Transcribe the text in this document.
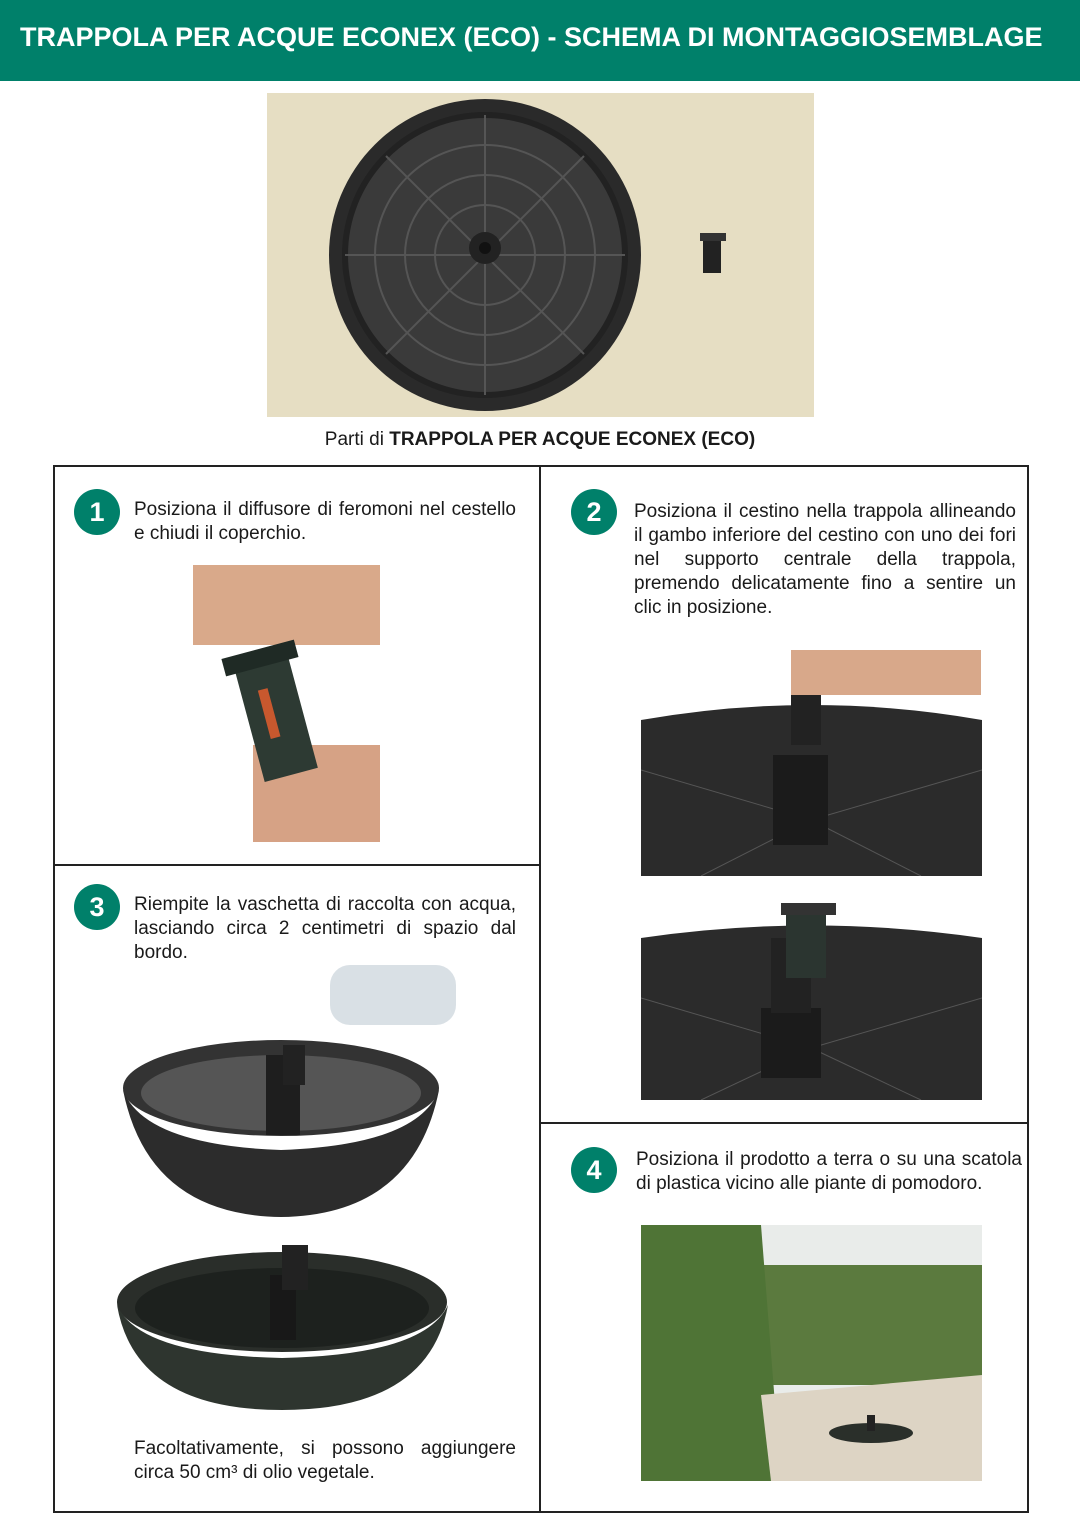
TRAPPOLA PER ACQUE ECONEX (ECO) - SCHEMA DI MONTAGGIOSEMBLAGE
Parti di TRAPPOLA PER ACQUE ECONEX (ECO)
1	Posiziona il diffusore di feromoni nel cestello e chiudi il coperchio.
2	Posiziona il cestino nella trappola allineando il gambo inferiore del cestino con uno dei fori nel supporto centrale della trappola, premendo delicatamente fino a sentire un clic in posizione.
3	Riempite la vaschetta di raccolta con acqua, lasciando circa 2 centimetri di spazio dal bordo.
Facoltativamente, si possono aggiungere circa 50 cm³ di olio vegetale.
4	Posiziona il prodotto a terra o su una scatola di plastica vicino alle piante di pomodoro.
